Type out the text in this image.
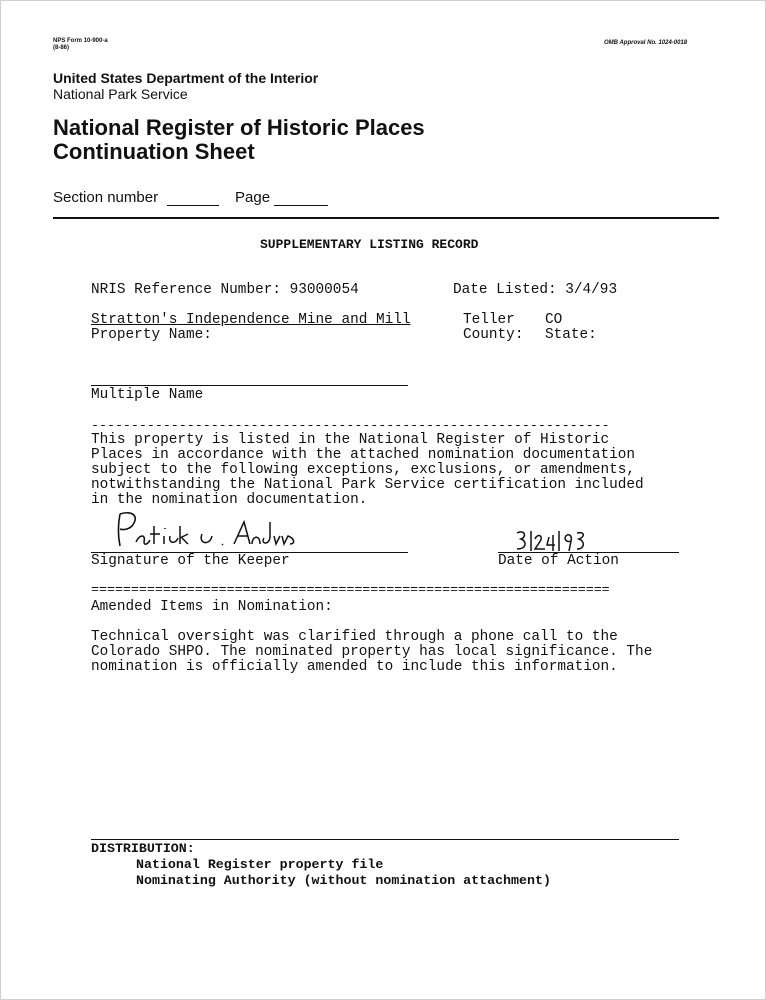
NPS Form 10-900-a
(8-86)
OMB Approval No. 1024-0018
United States Department of the Interior
National Park Service
National Register of Historic Places
Continuation Sheet
Section number	Page
SUPPLEMENTARY LISTING RECORD
NRIS Reference Number: 93000054	Date Listed: 3/4/93
Stratton's Independence Mine and Mill
Property Name:
Teller
County:
CO
State:
Multiple Name
-----------------------------------------------------------------
This property is listed in the National Register of Historic
Places in accordance with the attached nomination documentation
subject to the following exceptions, exclusions, or amendments,
notwithstanding the National Park Service certification included
in the nomination documentation.
Signature of the Keeper	Date of Action
=================================================================
Amended Items in Nomination:
Technical oversight was clarified through a phone call to the
Colorado SHPO. The nominated property has local significance. The
nomination is officially amended to include this information.
DISTRIBUTION:
National Register property file
Nominating Authority (without nomination attachment)
